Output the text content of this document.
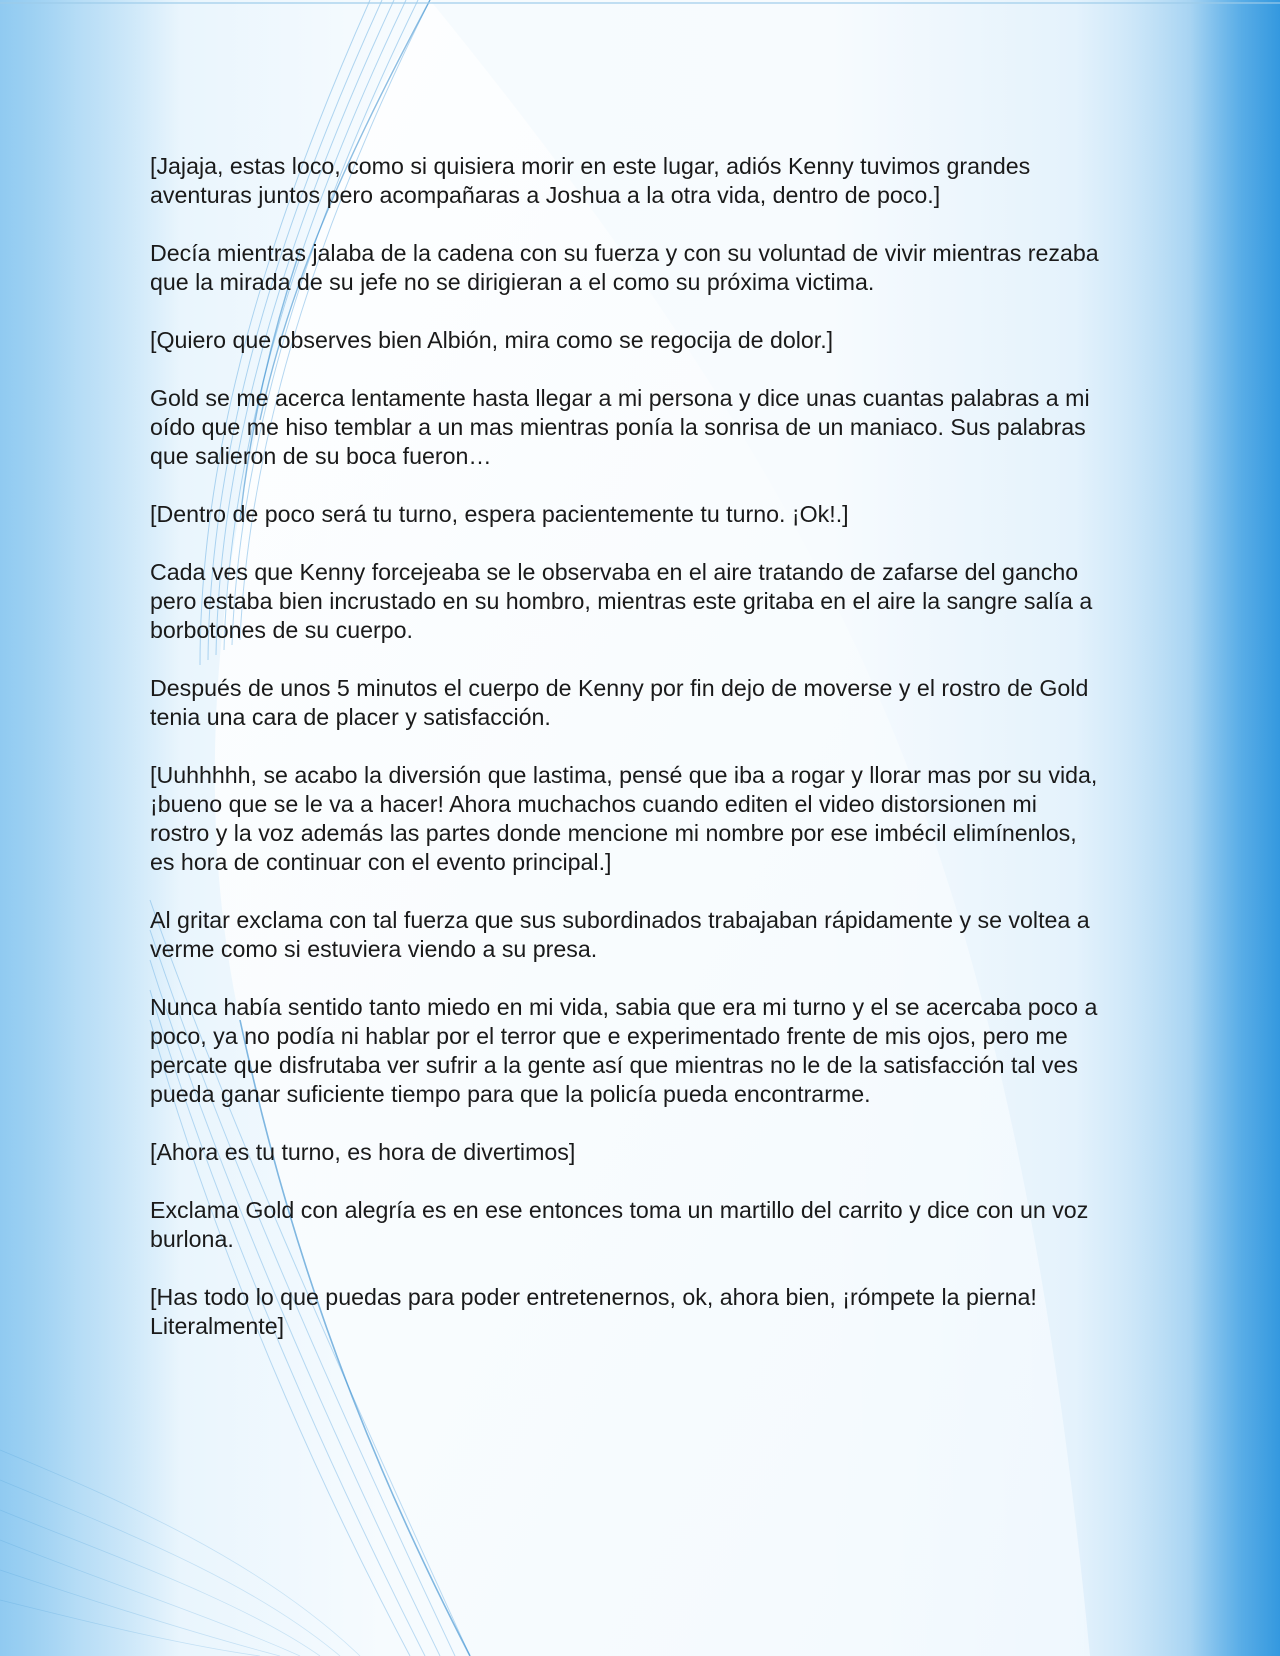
[Jajaja, estas loco, como si quisiera morir en este lugar, adiós Kenny tuvimos grandes aventuras juntos pero acompañaras a Joshua a la otra vida, dentro de poco.]

Decía mientras jalaba de la cadena con su fuerza y con su voluntad de vivir mientras rezaba que la mirada de su jefe no se dirigieran a el como su próxima victima.

[Quiero que observes bien Albión, mira como se regocija de dolor.]

Gold se me acerca lentamente hasta llegar a mi persona y dice unas cuantas palabras a mi oído que me hiso temblar a un mas mientras ponía la sonrisa de un maniaco. Sus palabras que salieron de su boca fueron…

[Dentro de poco será tu turno, espera pacientemente tu turno. ¡Ok!.]

Cada ves que Kenny forcejeaba se le observaba en el aire tratando de zafarse del gancho pero estaba bien incrustado en su hombro, mientras este gritaba en el aire la sangre salía a borbotones de su cuerpo.

Después de unos 5 minutos el cuerpo de Kenny por fin dejo de moverse y el rostro de Gold tenia una cara de placer y satisfacción.

[Uuhhhhh, se acabo la diversión que lastima, pensé que iba a rogar y llorar mas por su vida, ¡bueno que se le va a hacer! Ahora muchachos cuando editen el video distorsionen mi rostro y la voz además las partes donde mencione mi nombre por ese imbécil elimínenlos, es hora de continuar con el evento principal.]

Al gritar exclama con tal fuerza que sus subordinados trabajaban rápidamente y se voltea a verme como si estuviera viendo a su presa.

Nunca había sentido tanto miedo en mi vida, sabia que era mi turno y el se acercaba poco a poco, ya no podía ni hablar por el terror que e experimentado frente de mis ojos, pero me percate que disfrutaba ver sufrir a la gente así que mientras no le de la satisfacción tal ves pueda ganar suficiente tiempo para que la policía pueda encontrarme.

[Ahora es tu turno, es hora de divertimos]

Exclama Gold con alegría es en ese entonces toma un martillo del carrito y dice con un voz burlona.

[Has todo lo que puedas para poder entretenernos, ok, ahora bien, ¡rómpete la pierna! Literalmente]
